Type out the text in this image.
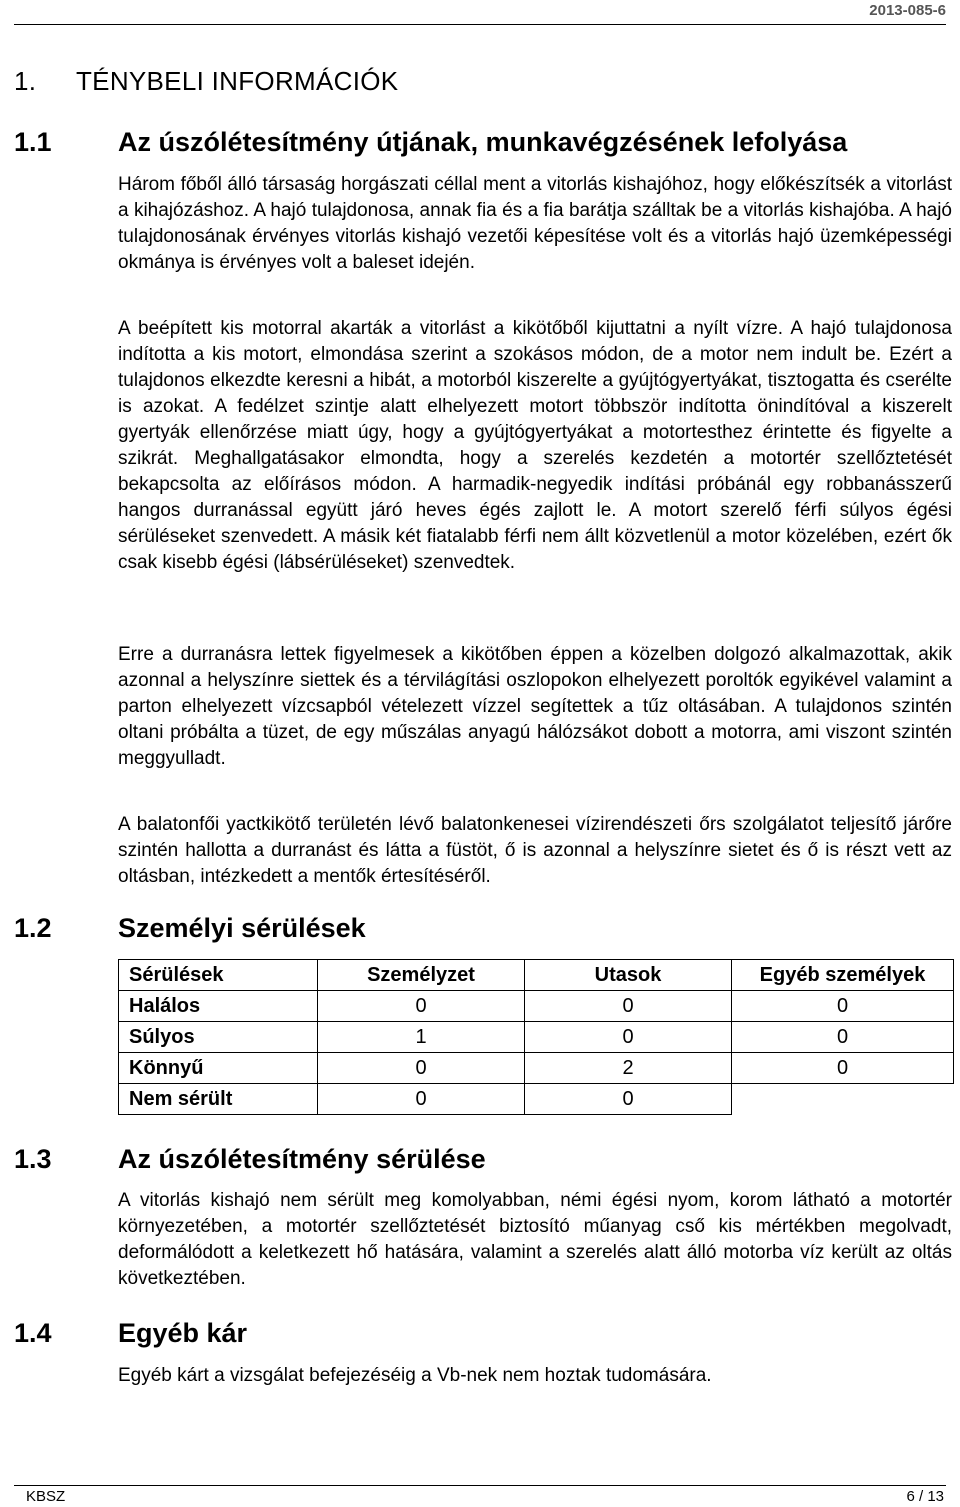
2013-085-6
1. TÉNYBELI INFORMÁCIÓK
1.1 Az úszólétesítmény útjának, munkavégzésének lefolyása

Három főből álló társaság horgászati céllal ment a vitorlás kishajóhoz, hogy előkészítsék a vitorlást a kihajózáshoz. A hajó tulajdonosa, annak fia és a fia barátja szálltak be a vitorlás kishajóba. A hajó tulajdonosának érvényes vitorlás kishajó vezetői képesítése volt és a vitorlás hajó üzemképességi okmánya is érvényes volt a baleset idején.

A beépített kis motorral akarták a vitorlást a kikötőből kijuttatni a nyílt vízre. A hajó tulajdonosa indította a kis motort, elmondása szerint a szokásos módon, de a motor nem indult be. Ezért a tulajdonos elkezdte keresni a hibát, a motorból kiszerelte a gyújtógyertyákat, tisztogatta és cserélte is azokat. A fedélzet szintje alatt elhelyezett motort többször indította önindítóval a kiszerelt gyertyák ellenőrzése miatt úgy, hogy a gyújtógyertyákat a motortesthez érintette és figyelte a szikrát. Meghallgatásakor elmondta, hogy a szerelés kezdetén a motortér szellőztetését bekapcsolta az előírásos módon. A harmadik-negyedik indítási próbánál egy robbanásszerű hangos durranással együtt járó heves égés zajlott le. A motort szerelő férfi súlyos égési sérüléseket szenvedett. A másik két fiatalabb férfi nem állt közvetlenül a motor közelében, ezért ők csak kisebb égési (lábsérüléseket) szenvedtek.

Erre a durranásra lettek figyelmesek a kikötőben éppen a közelben dolgozó alkalmazottak, akik azonnal a helyszínre siettek és a térvilágítási oszlopokon elhelyezett poroltók egyikével valamint a parton elhelyezett vízcsapból vételezett vízzel segítettek a tűz oltásában. A tulajdonos szintén oltani próbálta a tüzet, de egy műszálas anyagú hálózsákot dobott a motorra, ami viszont szintén meggyulladt.

A balatonfői yactkikötő területén lévő balatonkenesei vízirendészeti őrs szolgálatot teljesítő járőre szintén hallotta a durranást és látta a füstöt, ő is azonnal a helyszínre sietet és ő is részt vett az oltásban, intézkedett a mentők értesítéséről.

1.2 Személyi sérülések
Sérülések	Személyzet	Utasok	Egyéb személyek
Halálos	0	0	0
Súlyos	1	0	0
Könnyű	0	2	0
Nem sérült	0	0	
1.3 Az úszólétesítmény sérülése

A vitorlás kishajó nem sérült meg komolyabban, némi égési nyom, korom látható a motortér környezetében, a motortér szellőztetését biztosító műanyag cső kis mértékben megolvadt, deformálódott a keletkezett hő hatására, valamint a szerelés alatt álló motorba víz került az oltás következtében.

1.4 Egyéb kár

Egyéb kárt a vizsgálat befejezéséig a Vb-nek nem hoztak tudomására.

KBSZ	6 / 13
